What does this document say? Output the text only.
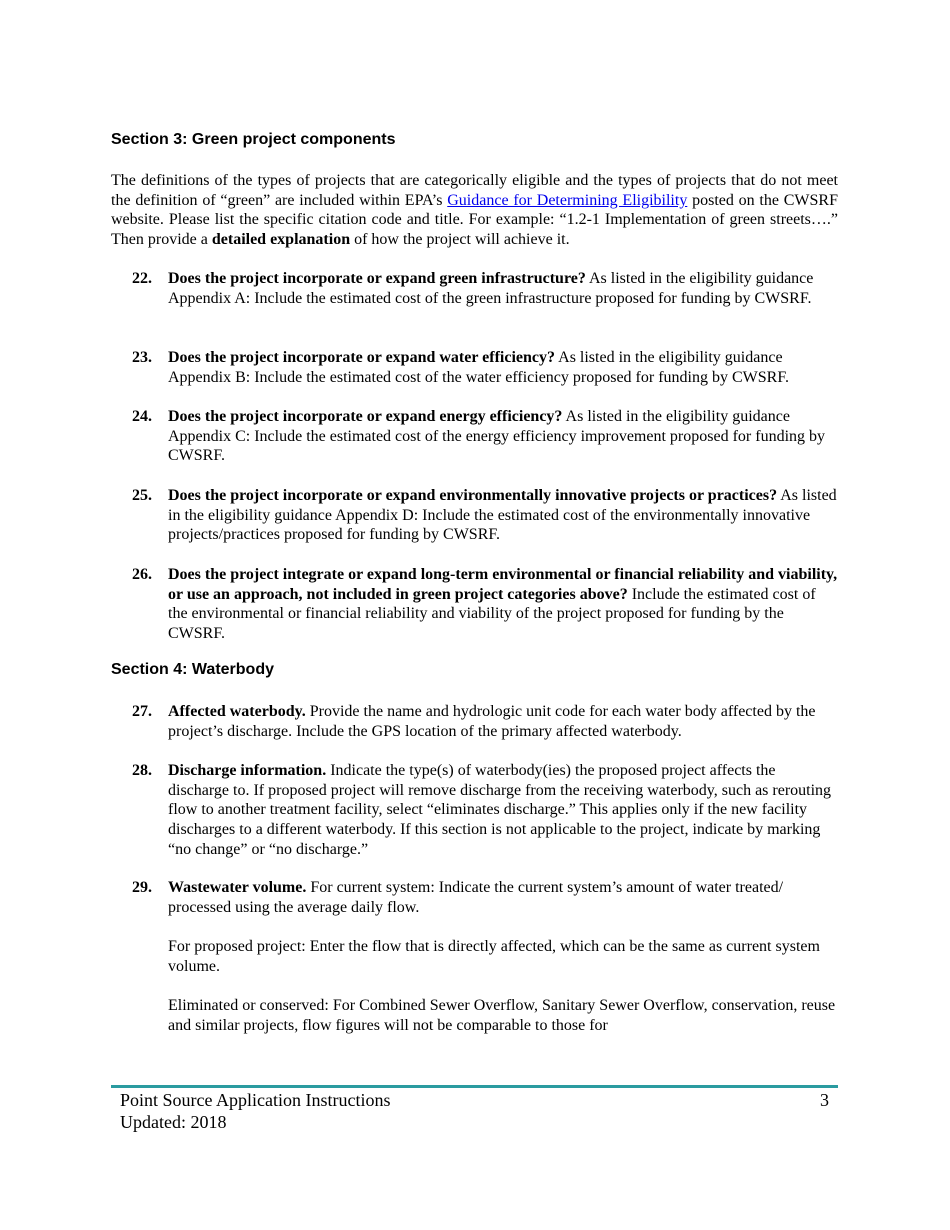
Section 3: Green project components

The definitions of the types of projects that are categorically eligible and the types of projects that do not meet the definition of “green” are included within EPA’s Guidance for Determining Eligibility posted on the CWSRF website. Please list the specific citation code and title. For example: “1.2-1 Implementation of green streets….” Then provide a detailed explanation of how the project will achieve it.

22. Does the project incorporate or expand green infrastructure? As listed in the eligibility guidance Appendix A: Include the estimated cost of the green infrastructure proposed for funding by CWSRF.
23. Does the project incorporate or expand water efficiency? As listed in the eligibility guidance Appendix B: Include the estimated cost of the water efficiency proposed for funding by CWSRF.
24. Does the project incorporate or expand energy efficiency? As listed in the eligibility guidance Appendix C: Include the estimated cost of the energy efficiency improvement proposed for funding by CWSRF.
25. Does the project incorporate or expand environmentally innovative projects or practices? As listed in the eligibility guidance Appendix D: Include the estimated cost of the environmentally innovative projects/practices proposed for funding by CWSRF.
26. Does the project integrate or expand long-term environmental or financial reliability and viability, or use an approach, not included in green project categories above? Include the estimated cost of the environmental or financial reliability and viability of the project proposed for funding by the CWSRF.
Section 4: Waterbody
27. Affected waterbody. Provide the name and hydrologic unit code for each water body affected by the project’s discharge. Include the GPS location of the primary affected waterbody.
28. Discharge information. Indicate the type(s) of waterbody(ies) the proposed project affects the discharge to. If proposed project will remove discharge from the receiving waterbody, such as rerouting flow to another treatment facility, select “eliminates discharge.” This applies only if the new facility discharges to a different waterbody. If this section is not applicable to the project, indicate by marking “no change” or “no discharge.”
29. Wastewater volume. For current system: Indicate the current system’s amount of water treated/ processed using the average daily flow.

For proposed project: Enter the flow that is directly affected, which can be the same as current system volume.

Eliminated or conserved: For Combined Sewer Overflow, Sanitary Sewer Overflow, conservation, reuse and similar projects, flow figures will not be comparable to those for

Point Source Application Instructions
Updated: 2018
3
